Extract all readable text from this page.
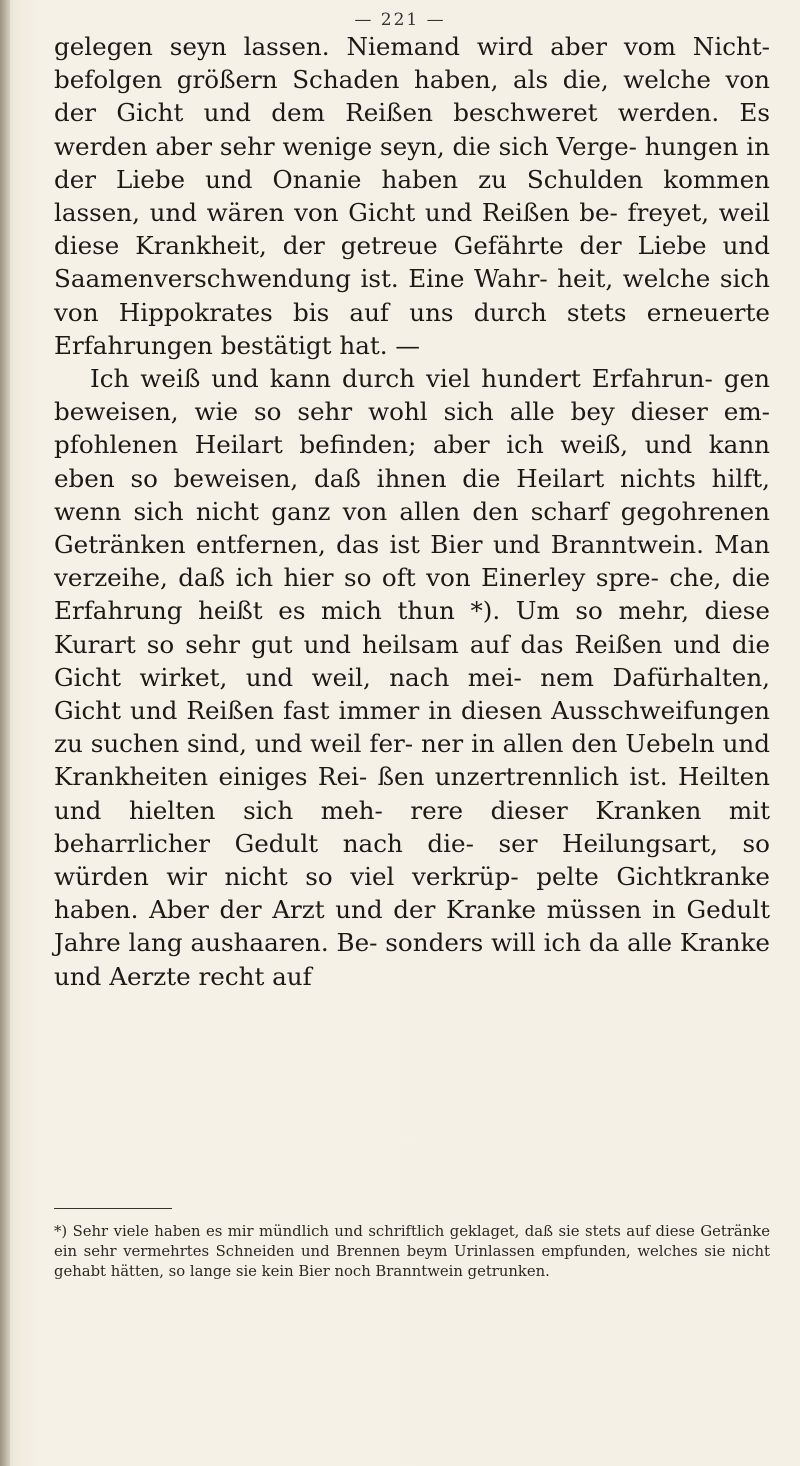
— 221 —

gelegen seyn lassen. Niemand wird aber vom Nicht- befolgen größern Schaden haben, als die, welche von der Gicht und dem Reißen beschweret werden. Es werden aber sehr wenige seyn, die sich Verge- hungen in der Liebe und Onanie haben zu Schulden kommen lassen, und wären von Gicht und Reißen be- freyet, weil diese Krankheit, der getreue Gefährte der Liebe und Saamenverschwendung ist. Eine Wahr- heit, welche sich von Hippokrates bis auf uns durch stets erneuerte Erfahrungen bestätigt hat. —

Ich weiß und kann durch viel hundert Erfahrun- gen beweisen, wie so sehr wohl sich alle bey dieser em- pfohlenen Heilart befinden; aber ich weiß, und kann eben so beweisen, daß ihnen die Heilart nichts hilft, wenn sich nicht ganz von allen den scharf gegohrenen Getränken entfernen, das ist Bier und Branntwein. Man verzeihe, daß ich hier so oft von Einerley spre- che, die Erfahrung heißt es mich thun *). Um so mehr, diese Kurart so sehr gut und heilsam auf das Reißen und die Gicht wirket, und weil, nach mei- nem Dafürhalten, Gicht und Reißen fast immer in diesen Ausschweifungen zu suchen sind, und weil fer- ner in allen den Uebeln und Krankheiten einiges Rei- ßen unzertrennlich ist. Heilten und hielten sich meh- rere dieser Kranken mit beharrlicher Gedult nach die- ser Heilungsart, so würden wir nicht so viel verkrüp- pelte Gichtkranke haben. Aber der Arzt und der Kranke müssen in Gedult Jahre lang aushaaren. Be- sonders will ich da alle Kranke und Aerzte recht auf

*) Sehr viele haben es mir mündlich und schriftlich geklaget, daß sie stets auf diese Getränke ein sehr vermehrtes Schneiden und Brennen beym Urinlassen empfunden, welches sie nicht gehabt hätten, so lange sie kein Bier noch Branntwein getrunken.
